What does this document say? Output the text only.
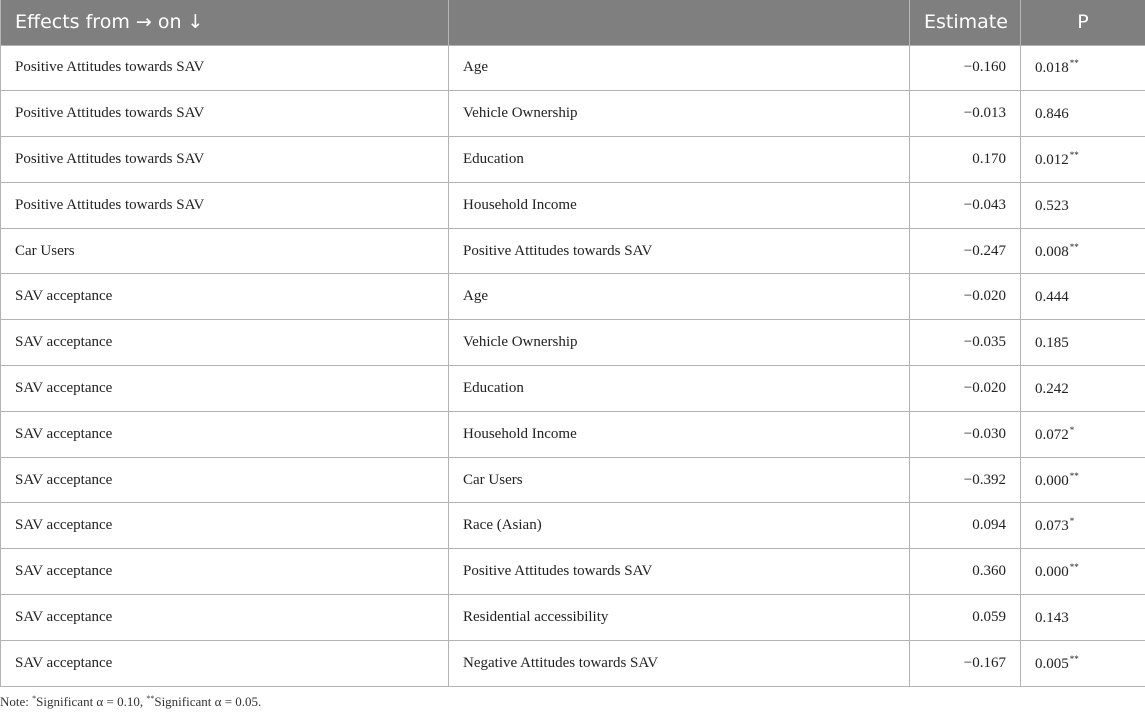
Effects from → on ↓		Estimate	P
Positive Attitudes towards SAV	Age	−0.160	0.018**
Positive Attitudes towards SAV	Vehicle Ownership	−0.013	0.846
Positive Attitudes towards SAV	Education	0.170	0.012**
Positive Attitudes towards SAV	Household Income	−0.043	0.523
Car Users	Positive Attitudes towards SAV	−0.247	0.008**
SAV acceptance	Age	−0.020	0.444
SAV acceptance	Vehicle Ownership	−0.035	0.185
SAV acceptance	Education	−0.020	0.242
SAV acceptance	Household Income	−0.030	0.072*
SAV acceptance	Car Users	−0.392	0.000**
SAV acceptance	Race (Asian)	0.094	0.073*
SAV acceptance	Positive Attitudes towards SAV	0.360	0.000**
SAV acceptance	Residential accessibility	0.059	0.143
SAV acceptance	Negative Attitudes towards SAV	−0.167	0.005**
Note: *Significant α = 0.10, **Significant α = 0.05.
